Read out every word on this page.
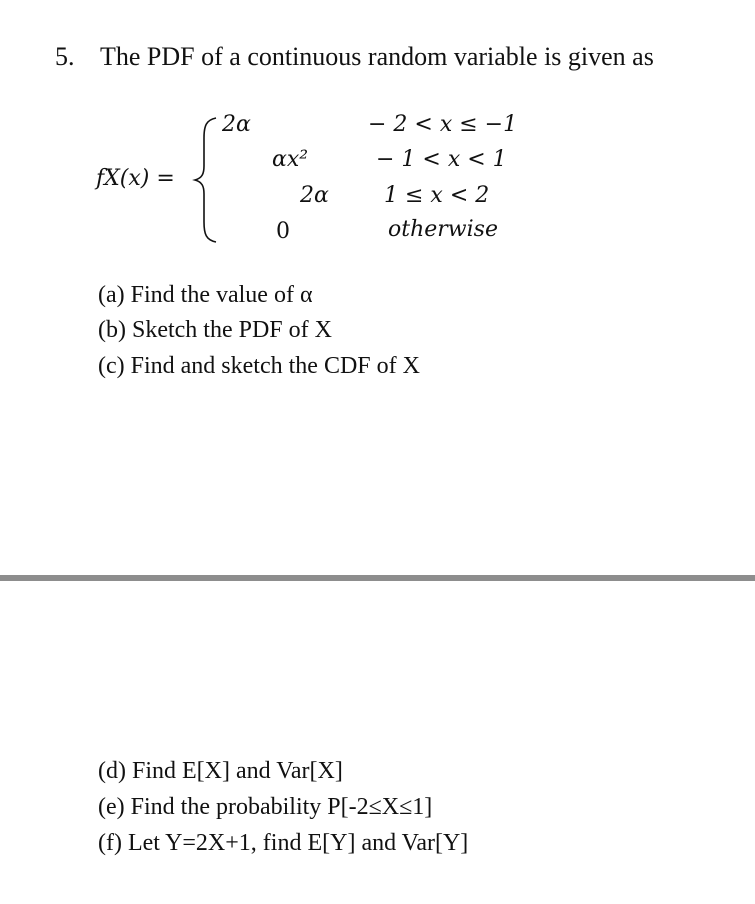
5. The PDF of a continuous random variable is given as
fX(x) =
2α
αx²
2α
0
− 2 < x ≤ −1
− 1 < x < 1
1 ≤ x < 2
otherwise
(a) Find the value of α
(b) Sketch the PDF of X
(c) Find and sketch the CDF of X
(d) Find E[X] and Var[X]
(e) Find the probability P[-2≤X≤1]
(f) Let Y=2X+1, find E[Y] and Var[Y]
